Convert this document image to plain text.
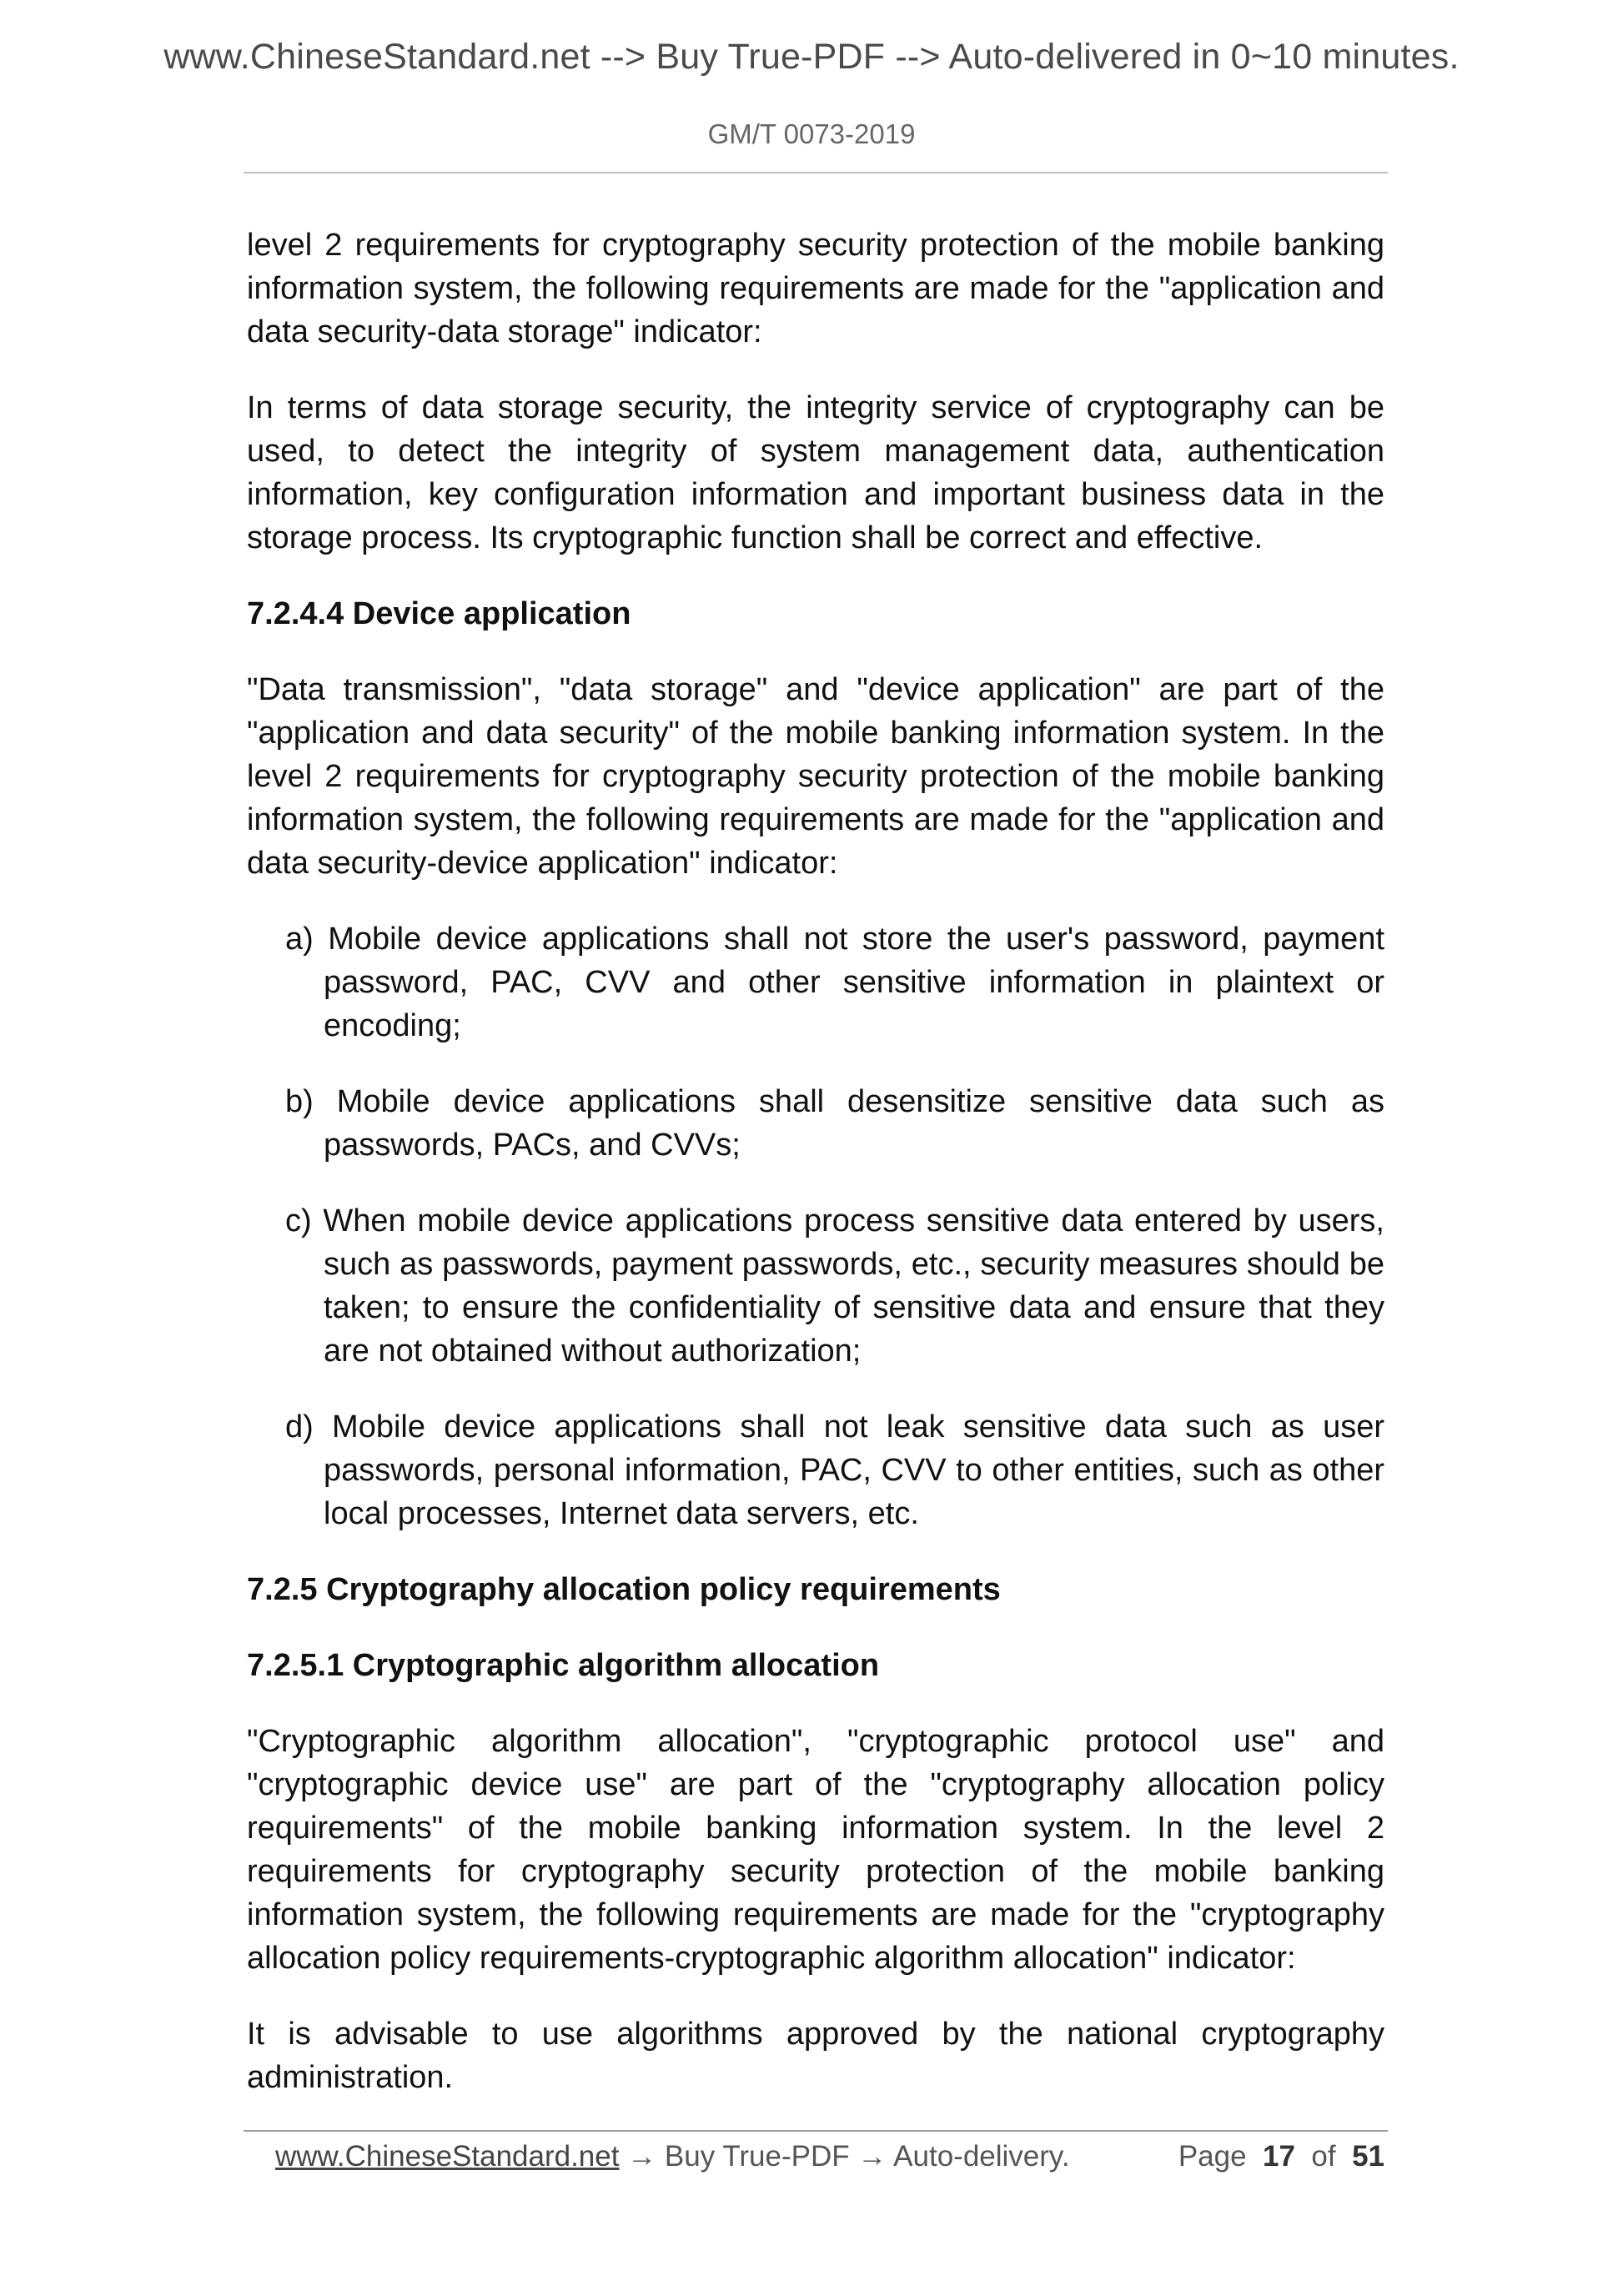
www.ChineseStandard.net --> Buy True-PDF --> Auto-delivered in 0~10 minutes.
GM/T 0073-2019

level 2 requirements for cryptography security protection of the mobile banking information system, the following requirements are made for the "application and data security-data storage" indicator:

In terms of data storage security, the integrity service of cryptography can be used, to detect the integrity of system management data, authentication information, key configuration information and important business data in the storage process. Its cryptographic function shall be correct and effective.

7.2.4.4 Device application

"Data transmission", "data storage" and "device application" are part of the "application and data security" of the mobile banking information system. In the level 2 requirements for cryptography security protection of the mobile banking information system, the following requirements are made for the "application and data security-device application" indicator:

a) Mobile device applications shall not store the user's password, payment password, PAC, CVV and other sensitive information in plaintext or encoding;
b) Mobile device applications shall desensitize sensitive data such as passwords, PACs, and CVVs;
c) When mobile device applications process sensitive data entered by users, such as passwords, payment passwords, etc., security measures should be taken; to ensure the confidentiality of sensitive data and ensure that they are not obtained without authorization;
d) Mobile device applications shall not leak sensitive data such as user passwords, personal information, PAC, CVV to other entities, such as other local processes, Internet data servers, etc.
7.2.5 Cryptography allocation policy requirements
7.2.5.1 Cryptographic algorithm allocation

"Cryptographic algorithm allocation", "cryptographic protocol use" and "cryptographic device use" are part of the "cryptography allocation policy requirements" of the mobile banking information system. In the level 2 requirements for cryptography security protection of the mobile banking information system, the following requirements are made for the "cryptography allocation policy requirements-cryptographic algorithm allocation" indicator:

It is advisable to use algorithms approved by the national cryptography administration.

www.ChineseStandard.net → Buy True-PDF → Auto-delivery.	Page 17 of 51
